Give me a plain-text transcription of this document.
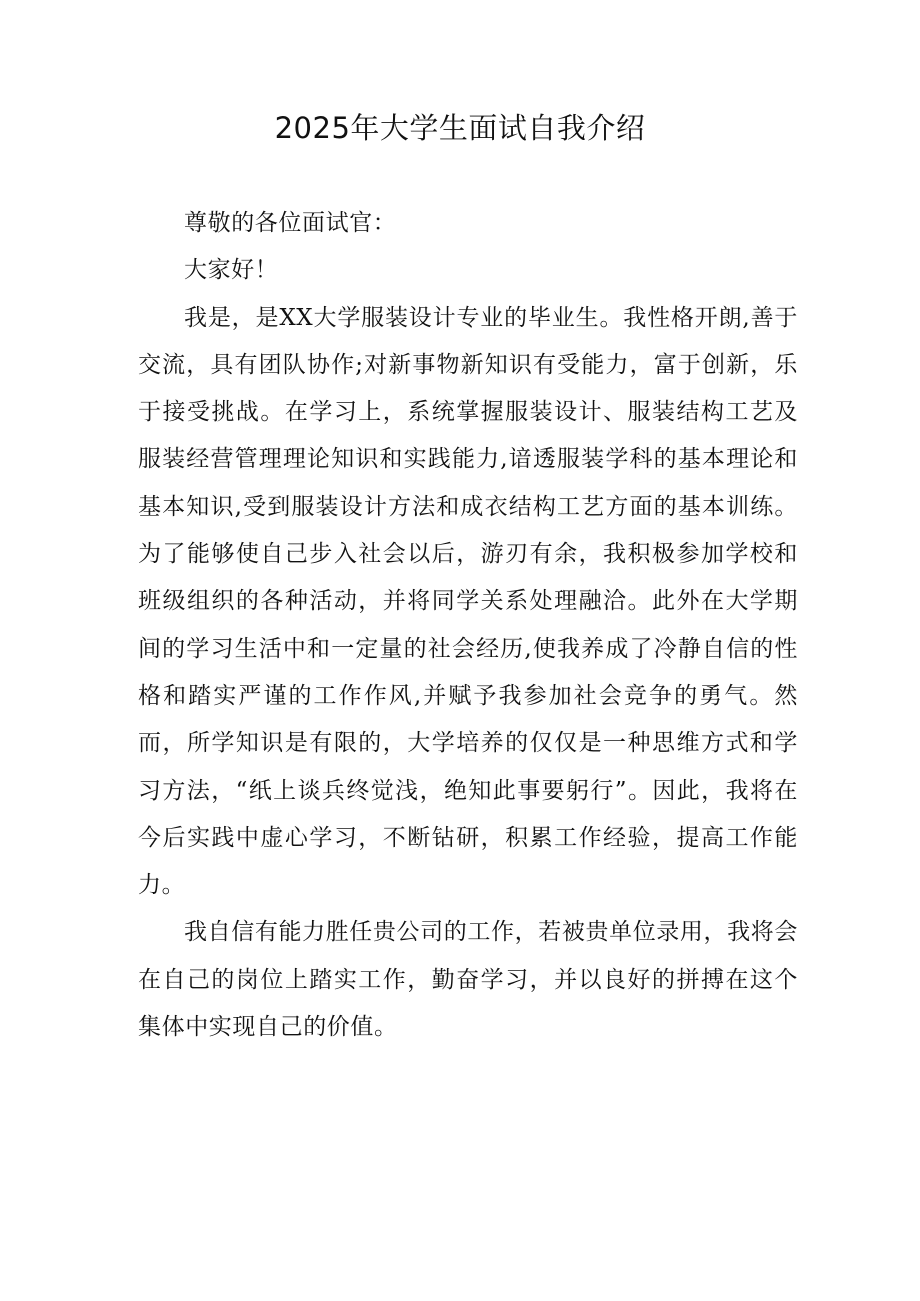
2025年大学生面试自我介绍

尊敬的各位面试官：

大家好！

我是，是XX大学服装设计专业的毕业生。我性格开朗,善于交流，具有团队协作;对新事物新知识有受能力，富于创新，乐于接受挑战。在学习上，系统掌握服装设计、服装结构工艺及服装经营管理理论知识和实践能力,谙透服装学科的基本理论和基本知识,受到服装设计方法和成衣结构工艺方面的基本训练。为了能够使自己步入社会以后，游刃有余，我积极参加学校和班级组织的各种活动，并将同学关系处理融洽。此外在大学期间的学习生活中和一定量的社会经历,使我养成了冷静自信的性格和踏实严谨的工作作风,并赋予我参加社会竞争的勇气。然而，所学知识是有限的，大学培养的仅仅是一种思维方式和学习方法，“纸上谈兵终觉浅，绝知此事要躬行”。因此，我将在今后实践中虚心学习，不断钻研，积累工作经验，提高工作能力。

我自信有能力胜任贵公司的工作，若被贵单位录用，我将会在自己的岗位上踏实工作，勤奋学习，并以良好的拼搏在这个集体中实现自己的价值。
